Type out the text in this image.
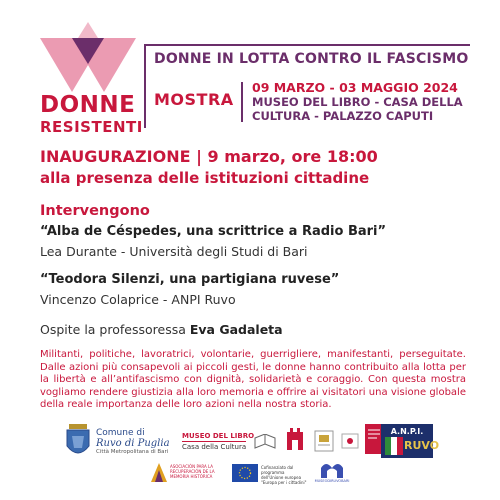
DONNE
RESISTENTI
DONNE IN LOTTA CONTRO IL FASCISMO
MOSTRA
09 MARZO - 03 MAGGIO 2024
MUSEO DEL LIBRO - CASA DELLA
CULTURA - PALAZZO CAPUTI
INAUGURAZIONE | 9 marzo, ore 18:00
alla presenza delle istituzioni cittadine
Intervengono
“Alba de Céspedes, una scrittrice a Radio Bari”
Lea Durante - Università degli Studi di Bari
“Teodora Silenzi, una partigiana ruvese”
Vincenzo Colaprice - ANPI Ruvo
Ospite la professoressa Eva Gadaleta
Militanti, politiche, lavoratrici, volontarie, guerrigliere, manifestanti, perseguitate. Dalle azioni più consapevoli ai piccoli gesti, le donne hanno contribuito alla lotta per la libertà e all’antifascismo con dignità, solidarietà e coraggio. Con questa mostra vogliamo rendere giustizia alla loro memoria e offrire ai visitatori una visione globale della reale importanza delle loro azioni nella nostra storia.
Comune di
Ruvo di Puglia
Città Metropolitana di Bari
MUSEO DEL LIBRO
Casa della Cultura
A.N.P.I.
RUVO
ASOCIACIÓN PARA LA RECUPERACIÓN DE LA MEMORIA HISTÓRICA
Cofinanziato dal programma dell'Unione europea "Europa per i cittadini" MUSEODIRUVOBARI
